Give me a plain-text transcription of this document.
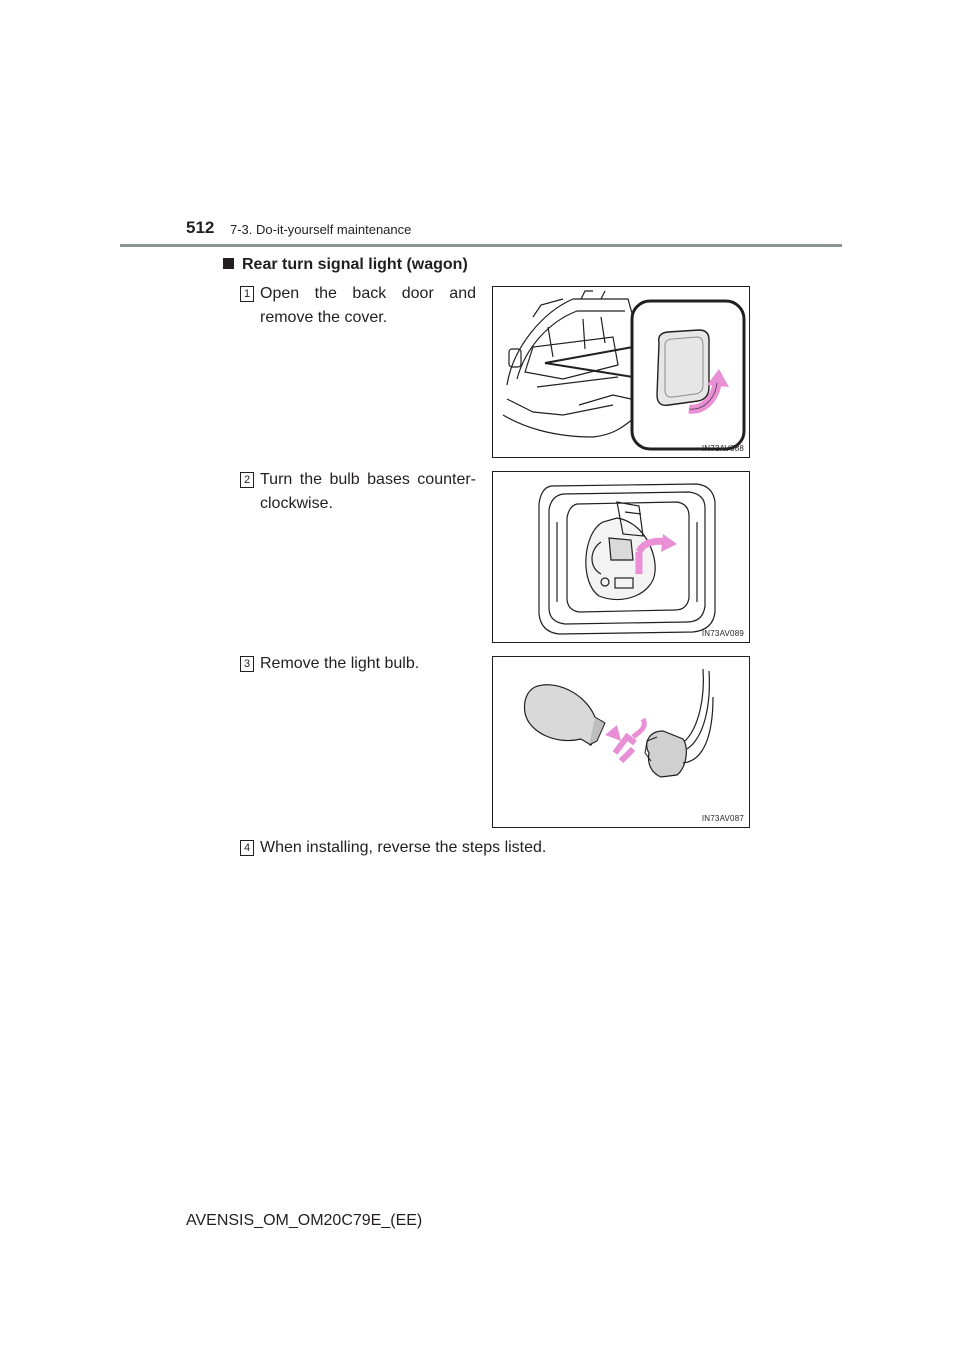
512 7-3. Do-it-yourself maintenance
Rear turn signal light (wagon)
1 Open the back door and remove the cover.
IN73AV088
2 Turn the bulb bases counter-clockwise.
IN73AV089
3 Remove the light bulb.
IN73AV087
4 When installing, reverse the steps listed.
AVENSIS_OM_OM20C79E_(EE)
